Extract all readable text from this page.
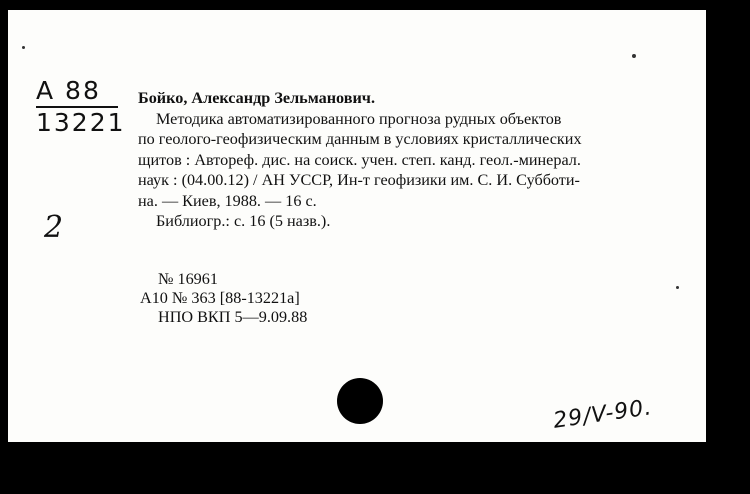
А 88
13221
Бойко, Александр Зельманович.
Методика автоматизированного прогноза рудных объектов
по геолого-геофизическим данным в условиях кристаллических
щитов : Автореф. дис. на соиск. учен. степ. канд. геол.-минерал.
наук : (04.00.12) / АН УССР, Ин-т геофизики им. С. И. Субботи-
на. — Киев, 1988. — 16 с.
Библиогр.: с. 16 (5 назв.).
2
№ 16961
А10 № 363 [88-13221а]
НПО ВКП 5—9.09.88
29/V-90.
